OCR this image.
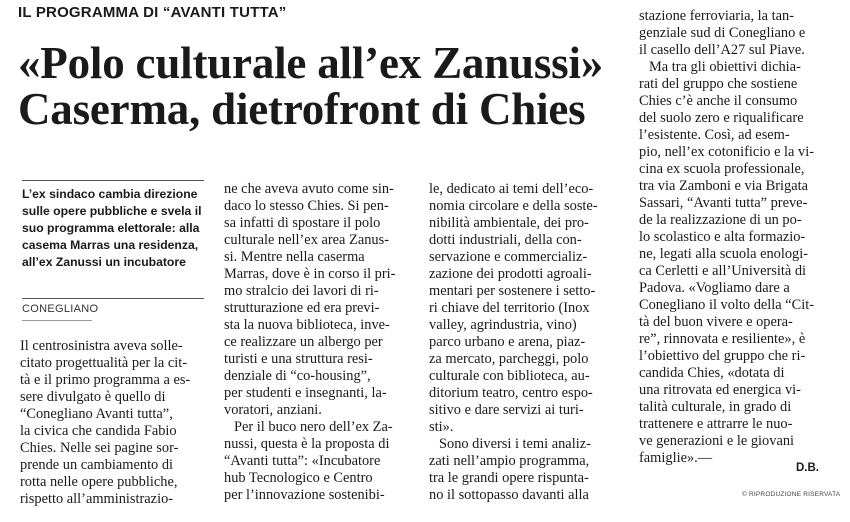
IL PROGRAMMA DI “AVANTI TUTTA”
«Polo culturale all’ex Zanussi»
Caserma, dietrofront di Chies
L’ex sindaco cambia direzione
sulle opere pubbliche e svela il
suo programma elettorale: alla
casema Marras una residenza,
all’ex Zanussi un incubatore
CONEGLIANO
Il centrosinistra aveva solle-
citato progettualità per la cit-
tà e il primo programma a es-
sere divulgato è quello di
“Conegliano Avanti tutta”,
la civica che candida Fabio
Chies. Nelle sei pagine sor-
prende un cambiamento di
rotta nelle opere pubbliche,
rispetto all’amministrazio-
ne che aveva avuto come sin-
daco lo stesso Chies. Si pen-
sa infatti di spostare il polo
culturale nell’ex area Zanus-
si. Mentre nella caserma
Marras, dove è in corso il pri-
mo stralcio dei lavori di ri-
strutturazione ed era previ-
sta la nuova biblioteca, inve-
ce realizzare un albergo per
turisti e una struttura resi-
denziale di “co-housing”,
per studenti e insegnanti, la-
voratori, anziani.
Per il buco nero dell’ex Za-
nussi, questa è la proposta di
“Avanti tutta”: «Incubatore
hub Tecnologico e Centro
per l’innovazione sostenibi-
le, dedicato ai temi dell’eco-
nomia circolare e della soste-
nibilità ambientale, dei pro-
dotti industriali, della con-
servazione e commercializ-
zazione dei prodotti agroali-
mentari per sostenere i setto-
ri chiave del territorio (Inox
valley, agrindustria, vino)
parco urbano e arena, piaz-
za mercato, parcheggi, polo
culturale con biblioteca, au-
ditorium teatro, centro espo-
sitivo e dare servizi ai turi-
sti».
Sono diversi i temi analiz-
zati nell’ampio programma,
tra le grandi opere rispunta-
no il sottopasso davanti alla
stazione ferroviaria, la tan-
genziale sud di Conegliano e
il casello dell’A27 sul Piave.
Ma tra gli obiettivi dichia-
rati del gruppo che sostiene
Chies c’è anche il consumo
del suolo zero e riqualificare
l’esistente. Così, ad esem-
pio, nell’ex cotonificio e la vi-
cina ex scuola professionale,
tra via Zamboni e via Brigata
Sassari, “Avanti tutta” preve-
de la realizzazione di un po-
lo scolastico e alta formazio-
ne, legati alla scuola enologi-
ca Cerletti e all’Università di
Padova. «Vogliamo dare a
Conegliano il volto della “Cit-
tà del buon vivere e opera-
re”, rinnovata e resiliente», è
l’obiettivo del gruppo che ri-
candida Chies, «dotata di
una ritrovata ed energica vi-
talità culturale, in grado di
trattenere e attrarre le nuo-
ve generazioni e le giovani
famiglie».—
D.B.
© RIPRODUZIONE RISERVATA
